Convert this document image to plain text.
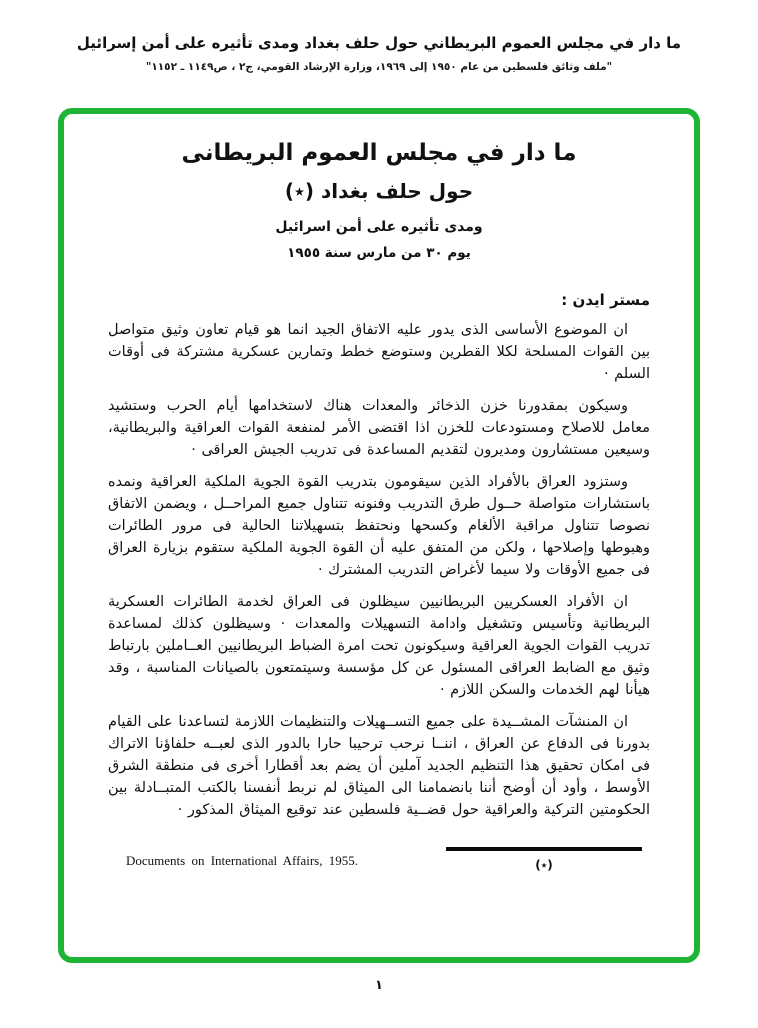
ما دار في مجلس العموم البريطاني حول حلف بغداد ومدى تأثيره على أمن إسرائيل
"ملف وثائق فلسطين من عام ١٩٥٠ إلى ١٩٦٩، وزارة الإرشاد القومي، ج٢ ، ص١١٤٩ ـ ١١٥٢"
ما دار في مجلس العموم البريطانى
حول حلف بغداد (٭)
ومدى تأثيره على أمن اسرائيل
يوم ٣٠ من مارس سنة ١٩٥٥
مستر ايدن :

ان الموضوع الأساسى الذى يدور عليه الاتفاق الجيد انما هو قيام تعاون وثيق متواصل بين القوات المسلحة لكلا القطرين وستوضع خطط وتمارين عسكرية مشتركة فى أوقات السلم ·

وسيكون بمقدورنا خزن الذخائر والمعدات هناك لاستخدامها أيام الحرب وستشيد معامل للاصلاح ومستودعات للخزن اذا اقتضى الأمر لمنفعة القوات العراقية والبريطانية، وسيعين مستشارون ومديرون لتقديم المساعدة فى تدريب الجيش العراقى ·

وستزود العراق بالأفراد الذين سيقومون بتدريب القوة الجوية الملكية العراقية ونمده باستشارات متواصلة حــول طرق التدريب وفنونه تتناول جميع المراحــل ، ويضمن الاتفاق نصوصا تتناول مراقبة الألغام وكسحها ونحتفظ بتسهيلاتنا الحالية فى مرور الطائرات وهبوطها وإصلاحها ، ولكن من المتفق عليه أن القوة الجوية الملكية ستقوم بزيارة العراق فى جميع الأوقات ولا سيما لأغراض التدريب المشترك ·

ان الأفراد العسكريين البريطانيين سيظلون فى العراق لخدمة الطائرات العسكرية البريطانية وتأسيس وتشغيل وادامة التسهيلات والمعدات · وسيظلون كذلك لمساعدة تدريب القوات الجوية العراقية وسيكونون تحت امرة الضباط البريطانيين العــاملين بارتباط وثيق مع الضابط العراقى المسئول عن كل مؤسسة وسيتمتعون بالصيانات المناسبة ، وقد هيأنا لهم الخدمات والسكن اللازم ·

ان المنشآت المشــيدة على جميع التســهيلات والتنظيمات اللازمة لتساعدنا على القيام بدورنا فى الدفاع عن العراق ، اننــا نرحب ترحيبا حارا بالدور الذى لعبــه حلفاؤنا الاتراك فى امكان تحقيق هذا التنظيم الجديد آملين أن يضم بعد أقطارا أخرى فى منطقة الشرق الأوسط ، وأود أن أوضح أننا بانضمامنا الى الميثاق لم نربط أنفسنا بالكتب المتبــادلة بين الحكومتين التركية والعراقية حول قضــية فلسطين عند توقيع الميثاق المذكور ·

Documents on International Affairs, 1955.	(٭)
١
